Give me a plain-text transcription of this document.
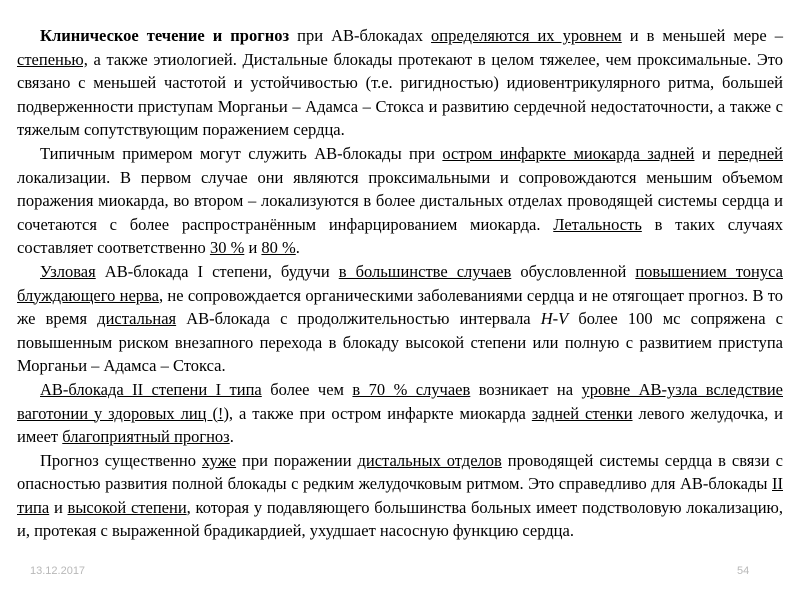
Клиническое течение и прогноз при АВ-блокадах определяются их уровнем и в меньшей мере – степенью, а также этиологией. Дистальные блокады протекают в целом тяжелее, чем проксимальные. Это связано с меньшей частотой и устойчивостью (т.е. ригидностью) идиовентрикулярного ритма, большей подверженности приступам Морганьи – Адамса – Стокса и развитию сердечной недостаточности, а также с тяжелым сопутствующим поражением сердца.

Типичным примером могут служить АВ-блокады при остром инфаркте миокарда задней и передней локализации. В первом случае они являются проксимальными и сопровождаются меньшим объемом поражения миокарда, во втором – локализуются в более дистальных отделах проводящей системы сердца и сочетаются с более распространённым инфарцированием миокарда. Летальность в таких случаях составляет соответственно 30 % и 80 %.

Узловая АВ-блокада I степени, будучи в большинстве случаев обусловленной повышением тонуса блуждающего нерва, не сопровождается органическими заболеваниями сердца и не отягощает прогноз. В то же время дистальная АВ-блокада с продолжительностью интервала H-V более 100 мс сопряжена с повышенным риском внезапного перехода в блокаду высокой степени или полную с развитием приступа Морганьи – Адамса – Стокса.

АВ-блокада II степени I типа более чем в 70 % случаев возникает на уровне АВ-узла вследствие ваготонии у здоровых лиц (!), а также при остром инфаркте миокарда задней стенки левого желудочка, и имеет благоприятный прогноз.

Прогноз существенно хуже при поражении дистальных отделов проводящей системы сердца в связи с опасностью развития полной блокады с редким желудочковым ритмом. Это справедливо для АВ-блокады II типа и высокой степени, которая у подавляющего большинства больных имеет подстволовую локализацию, и, протекая с выраженной брадикардией, ухудшает насосную функцию сердца.

13.12.2017	54
